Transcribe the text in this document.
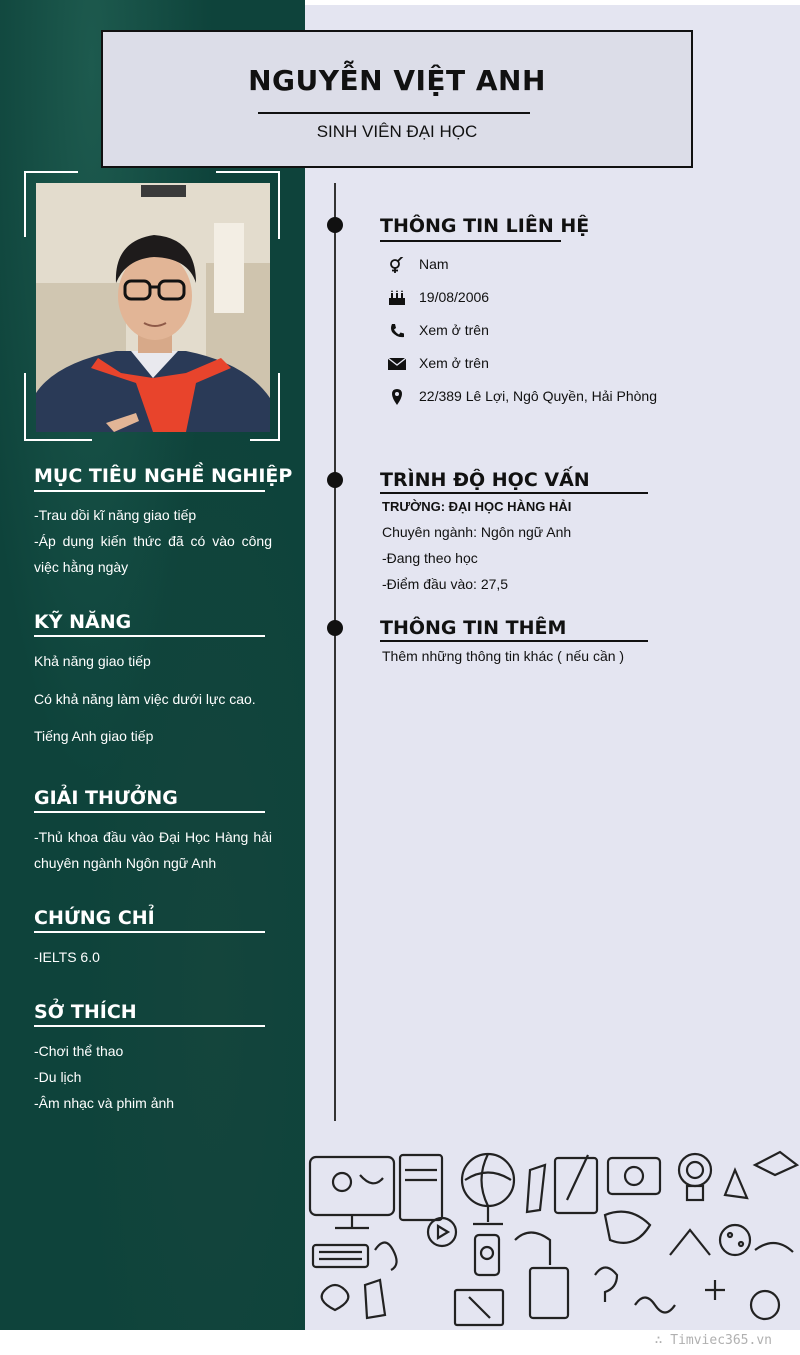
NGUYỄN VIỆT ANH
SINH VIÊN ĐẠI HỌC
MỤC TIÊU NGHỀ NGHIỆP
-Trau dồi kĩ năng giao tiếp
-Áp dụng kiến thức đã có vào công việc hằng ngày
KỸ NĂNG
Khả năng giao tiếp
Có khả năng làm việc dưới lực cao.
Tiếng Anh giao tiếp
GIẢI THƯỞNG
-Thủ khoa đầu vào Đại Học Hàng hải chuyên ngành Ngôn ngữ Anh
CHỨNG CHỈ
-IELTS 6.0
SỞ THÍCH
-Chơi thể thao
-Du lịch
-Âm nhạc và phim ảnh
THÔNG TIN LIÊN HỆ
Nam
19/08/2006
Xem ở trên
Xem ở trên
22/389 Lê Lợi, Ngô Quyền, Hải Phòng
TRÌNH ĐỘ HỌC VẤN
TRƯỜNG: ĐẠI HỌC HÀNG HẢI
Chuyên ngành: Ngôn ngữ Anh
-Đang theo học
-Điểm đầu vào: 27,5
THÔNG TIN THÊM
Thêm những thông tin khác ( nếu cần )
∴ Timviec365.vn
